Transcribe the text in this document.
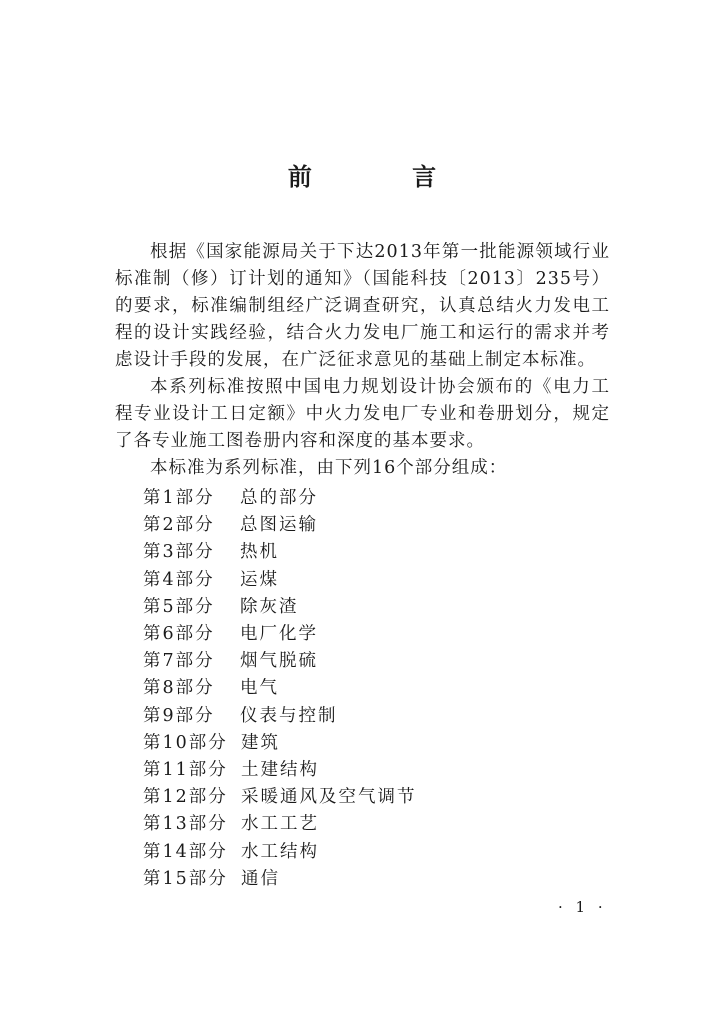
前 言

根据《国家能源局关于下达2013年第一批能源领域行业标准制（修）订计划的通知》（国能科技〔2013〕235号）的要求，标准编制组经广泛调查研究，认真总结火力发电工程的设计实践经验，结合火力发电厂施工和运行的需求并考虑设计手段的发展，在广泛征求意见的基础上制定本标准。

本系列标准按照中国电力规划设计协会颁布的《电力工程专业设计工日定额》中火力发电厂专业和卷册划分，规定了各专业施工图卷册内容和深度的基本要求。

本标准为系列标准，由下列16个部分组成：

第1部分	总的部分
第2部分	总图运输
第3部分	热机
第4部分	运煤
第5部分	除灰渣
第6部分	电厂化学
第7部分	烟气脱硫
第8部分	电气
第9部分	仪表与控制
第10部分 建筑
第11部分 土建结构
第12部分 采暖通风及空气调节
第13部分 水工工艺
第14部分 水工结构
第15部分 通信
· 1 ·
